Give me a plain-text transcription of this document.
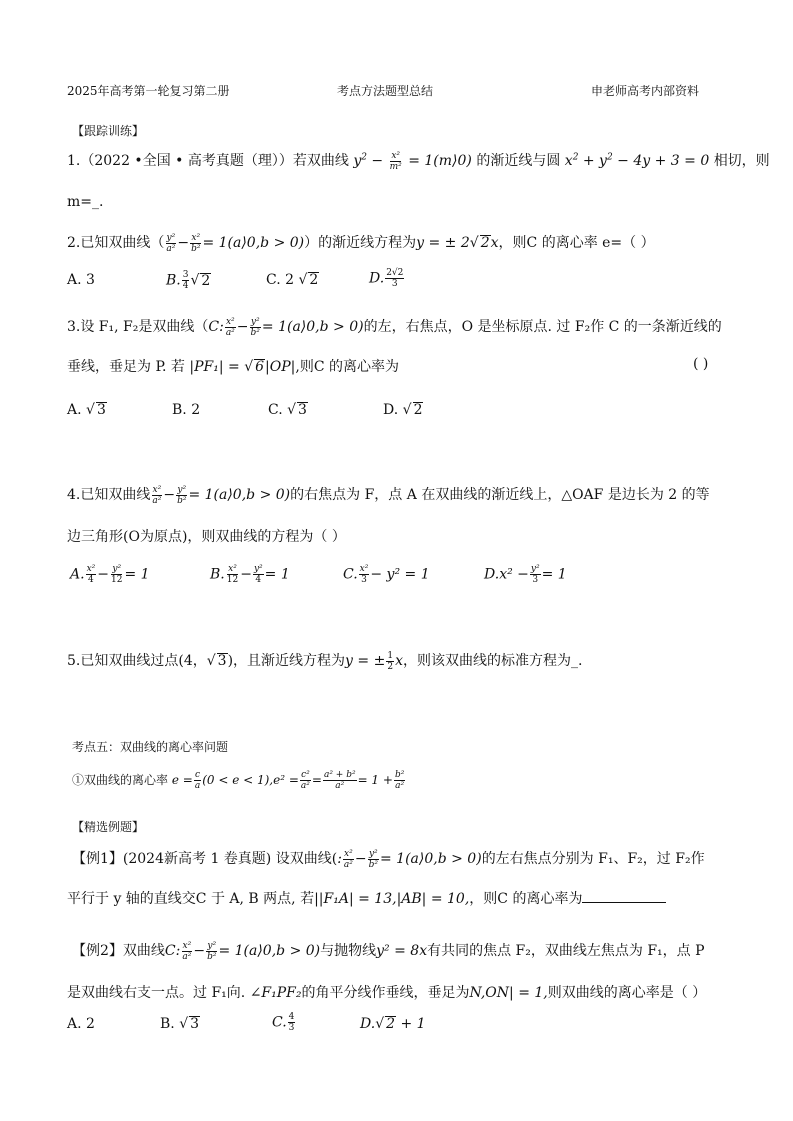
2025年高考第一轮复习第二册	考点方法题型总结	申老师高考内部资料
【跟踪训练】
1.（2022 •全国 • 高考真题（理））若双曲线 $y^2 - \frac{\text{x²}}{\text{m²}}$ = 1(m⟩0) 的渐近线与圆 $x^2 + y^2 - 4y + 3 = 0$ 相切，则
m=_.
2.已知双曲线（ $\frac{\text{y²}}{\text{a²}} - \frac{\text{x²}}{\text{b²}}$ = 1(a⟩0,b > 0)）的渐近线方程为y = ± 2√ 2x，则C 的离心率 e=（ ）
A. 3	B. $\frac{3}{4}$ √ 2	C. 2 √ 2	D. $\frac{2√2}{3}$
3.设 F₁, F₂是双曲线（C: $\frac{\text{x²}}{\text{a²}} - \frac{\text{y²}}{\text{b²}}$ = 1(a⟩0,b > 0)的左，右焦点，O 是坐标原点. 过 F₂作 C 的一条渐近线的
垂线，垂足为 P. 若 |PF₁| = √ 6|OP|,则C 的离心率为	( )
A. √ 3	B. 2	C. √ 3	D. √ 2
4.已知双曲线 $\frac{\text{x²}}{\text{a²}} - \frac{\text{y²}}{\text{b²}}$ = 1(a⟩0,b > 0)的右焦点为 F，点 A 在双曲线的渐近线上，△OAF 是边长为 2 的等
边三角形(O为原点)，则双曲线的方程为（ ）
A. $\frac{\text{x²}}{4} - \frac{\text{y²}}{12} = 1$	B. $\frac{\text{x²}}{12} - \frac{\text{y²}}{4} = 1$	C. $\frac{\text{x²}}{3} - y^2 = 1$	$D.x^2 - \frac{\text{y²}}{3} = 1$
5.已知双曲线过点(4，√ 3)，且渐近线方程为y = ± $\frac{1}{2}$ x，则该双曲线的标准方程为_.
考点五：双曲线的离心率问题
①双曲线的离心率 $e = \frac{c}{a} (0 < e < 1),e^2 = \frac{\text{c²}}{\text{a²}} = \frac{\text{a² + b²}}{\text{a²}} = 1 + \frac{\text{b²}}{\text{a²}}$
【精选例题】
【例1】(2024新高考 1 卷真题) 设双曲线(: $\frac{\text{x²}}{\text{a²}} - \frac{\text{y²}}{\text{b²}}$ = 1(a⟩0,b > 0)的左右焦点分别为 F₁、F₂，过 F₂作
平行于 y 轴的直线交C 于 A, B 两点, 若||F₁A| = 13,|AB| = 10,，则C 的离心率为
【例2】双曲线C: $\frac{\text{x²}}{\text{a²}} - \frac{\text{y²}}{\text{b²}}$ = 1(a⟩0,b > 0)与抛物线y² = 8x有共同的焦点 F₂，双曲线左焦点为 F₁，点 P
是双曲线右支一点。过 F₁向. ∠F₁PF₂的角平分线作垂线，垂足为N,ON| = 1,则双曲线的离心率是（ ）
A. 2	B. √ 3	C. $\frac{4}{3}$	D.√ 2 + 1
